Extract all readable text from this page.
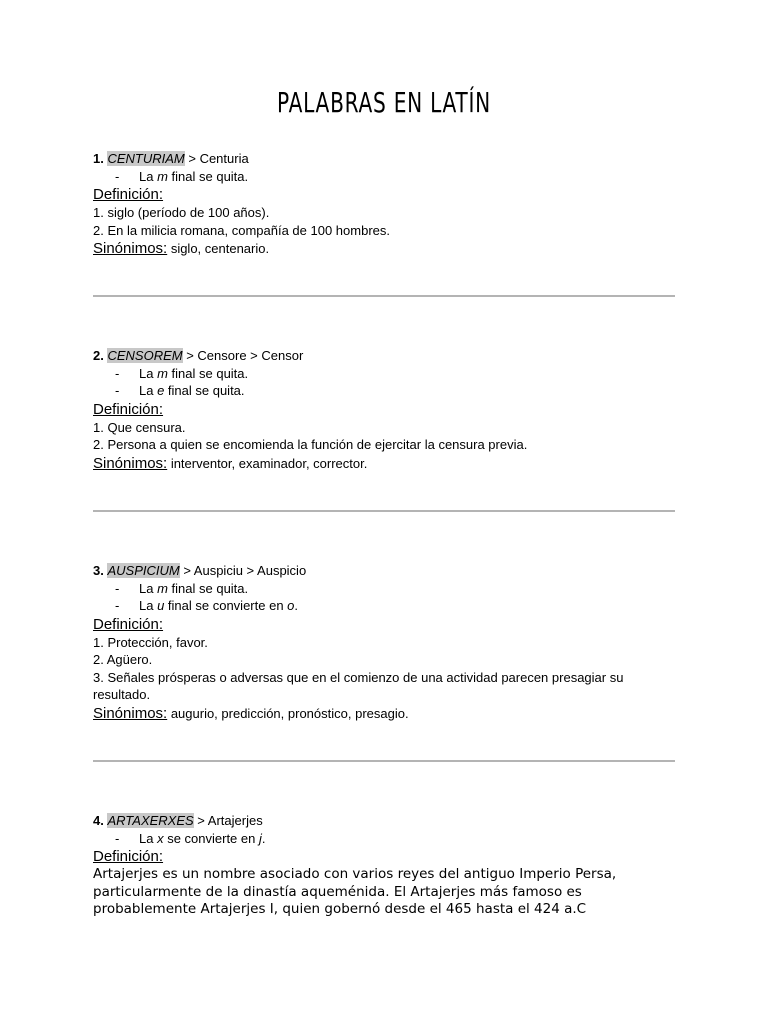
PALABRAS EN LATÍN
1. CENTURIAM > Centuria
- La m final se quita.
Definición:
1. siglo (período de 100 años).
2. En la milicia romana, compañía de 100 hombres.
Sinónimos: siglo, centenario.
2. CENSOREM > Censore > Censor
- La m final se quita.
- La e final se quita.
Definición:
1. Que censura.
2. Persona a quien se encomienda la función de ejercitar la censura previa.
Sinónimos: interventor, examinador, corrector.
3. AUSPICIUM > Auspiciu > Auspicio
- La m final se quita.
- La u final se convierte en o.
Definición:
1. Protección, favor.
2. Agüero.
3. Señales prósperas o adversas que en el comienzo de una actividad parecen presagiar su resultado.
Sinónimos: augurio, predicción, pronóstico, presagio.
4. ARTAXERXES > Artajerjes
- La x se convierte en j.
Definición:
Artajerjes es un nombre asociado con varios reyes del antiguo Imperio Persa, particularmente de la dinastía aqueménida. El Artajerjes más famoso es probablemente Artajerjes I, quien gobernó desde el 465 hasta el 424 a.C
